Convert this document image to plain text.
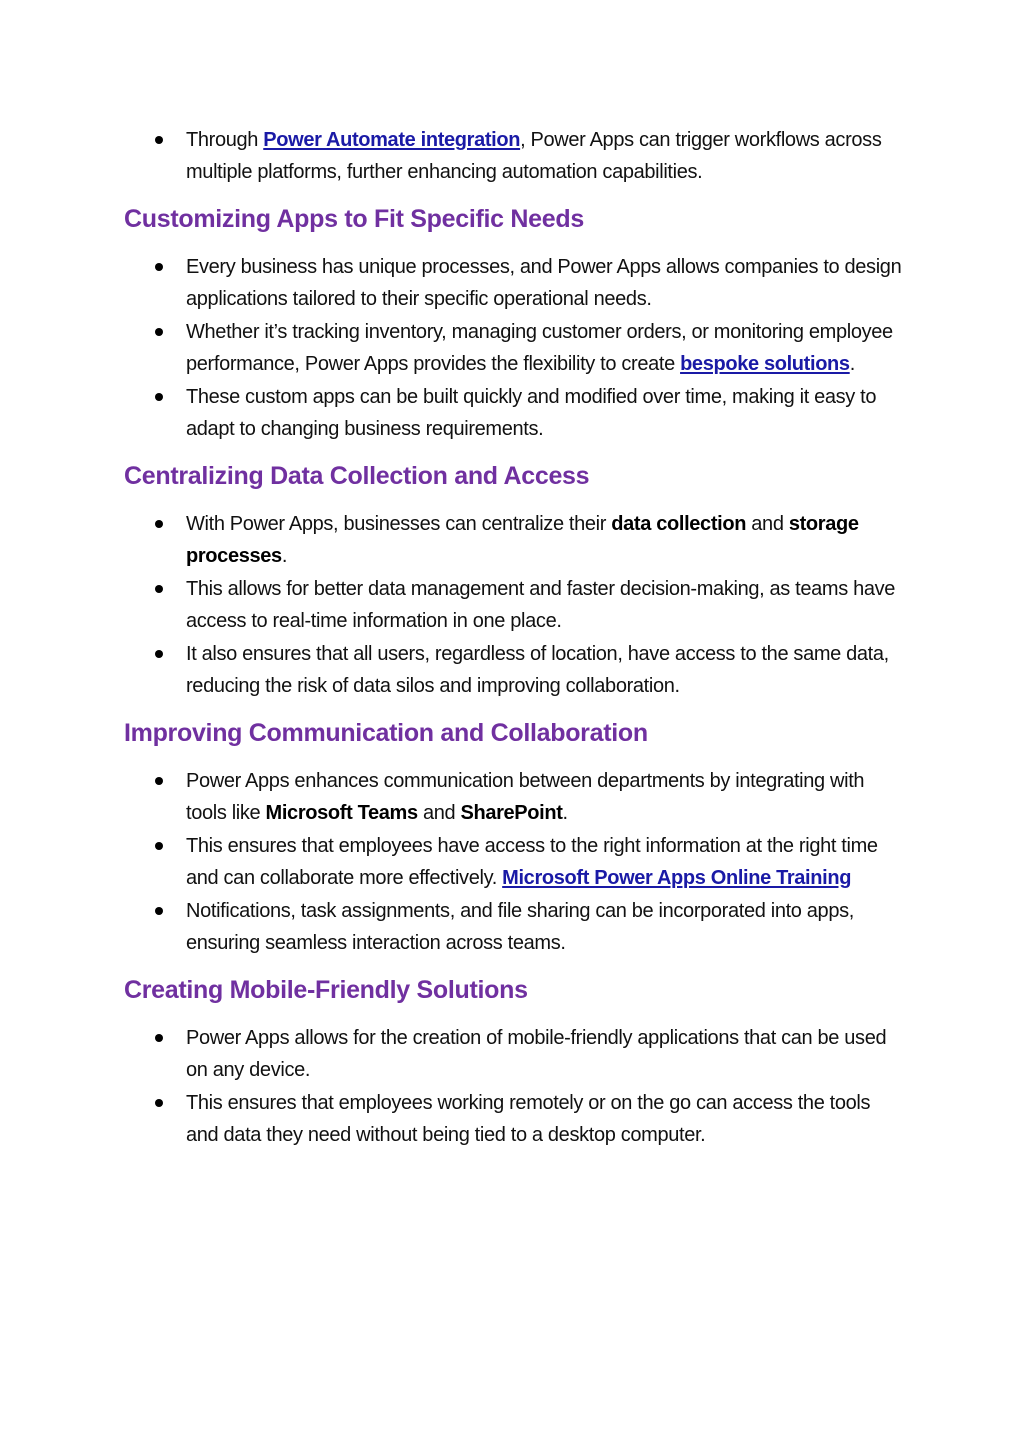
Through Power Automate integration, Power Apps can trigger workflows across multiple platforms, further enhancing automation capabilities.
Customizing Apps to Fit Specific Needs
Every business has unique processes, and Power Apps allows companies to design applications tailored to their specific operational needs.
Whether it’s tracking inventory, managing customer orders, or monitoring employee performance, Power Apps provides the flexibility to create bespoke solutions.
These custom apps can be built quickly and modified over time, making it easy to adapt to changing business requirements.
Centralizing Data Collection and Access
With Power Apps, businesses can centralize their data collection and storage processes.
This allows for better data management and faster decision-making, as teams have access to real-time information in one place.
It also ensures that all users, regardless of location, have access to the same data, reducing the risk of data silos and improving collaboration.
Improving Communication and Collaboration
Power Apps enhances communication between departments by integrating with tools like Microsoft Teams and SharePoint.
This ensures that employees have access to the right information at the right time and can collaborate more effectively. Microsoft Power Apps Online Training
Notifications, task assignments, and file sharing can be incorporated into apps, ensuring seamless interaction across teams.
Creating Mobile-Friendly Solutions
Power Apps allows for the creation of mobile-friendly applications that can be used on any device.
This ensures that employees working remotely or on the go can access the tools and data they need without being tied to a desktop computer.
